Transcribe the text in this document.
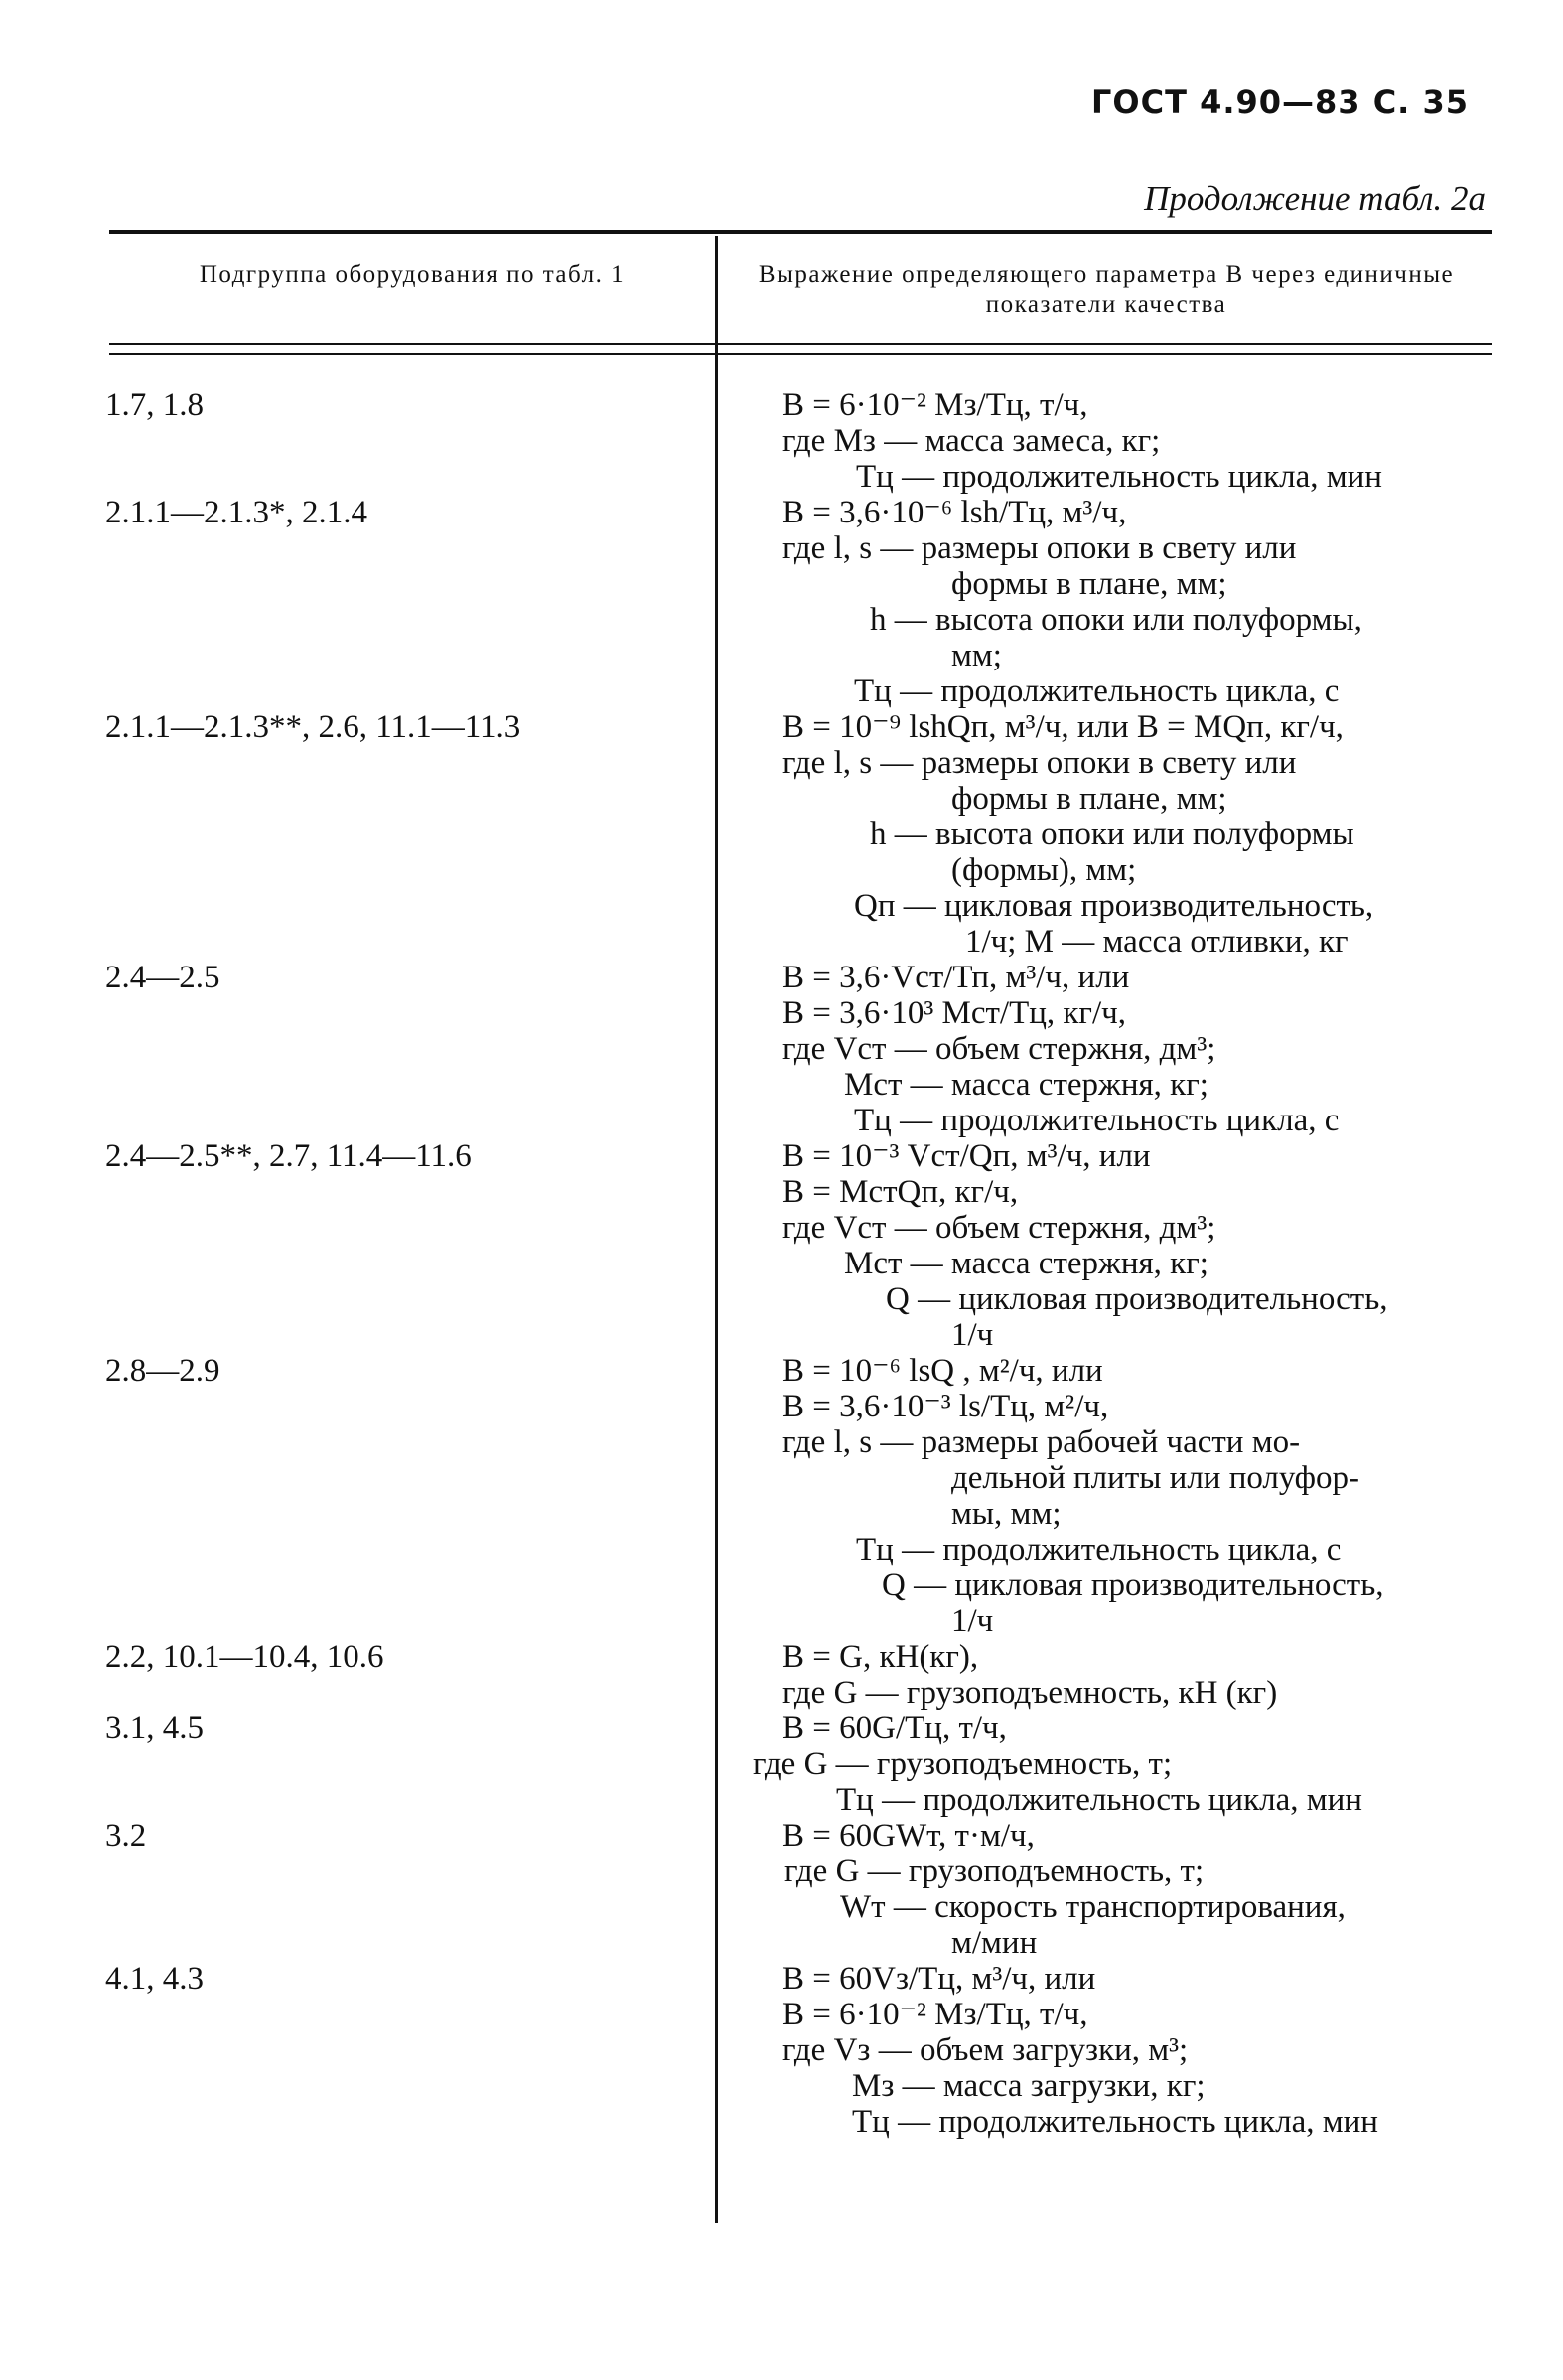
ГОСТ 4.90—83 С. 35
Продолжение табл. 2а
Подгруппа оборудования по табл. 1	Выражение определяющего параметра В через единичные показатели качества
1.7, 1.8	В = 6·10⁻² Мз/Тц, т/ч,
где Мз — масса замеса, кг;
Тц — продолжительность цикла, мин
2.1.1—2.1.3*, 2.1.4	В = 3,6·10⁻⁶ lsh/Тц, м³/ч,
где l, s — размеры опоки в свету или
формы в плане, мм;
h — высота опоки или полуформы,
мм;
Тц — продолжительность цикла, с
2.1.1—2.1.3**, 2.6, 11.1—11.3	В = 10⁻⁹ lshQп, м³/ч, или В = MQп, кг/ч,
где l, s — размеры опоки в свету или
формы в плане, мм;
h — высота опоки или полуформы
(формы), мм;
Qп — цикловая производительность,
1/ч; М — масса отливки, кг
2.4—2.5	В = 3,6·Vст/Тп, м³/ч, или
В = 3,6·10³ Мст/Тц, кг/ч,
где Vст — объем стержня, дм³;
Мст — масса стержня, кг;
Тц — продолжительность цикла, с
2.4—2.5**, 2.7, 11.4—11.6	В = 10⁻³ Vст/Qп, м³/ч, или
В = МстQп, кг/ч,
где Vст — объем стержня, дм³;
Мст — масса стержня, кг;
Q — цикловая производительность,
1/ч
2.8—2.9	В = 10⁻⁶ lsQ , м²/ч, или
В = 3,6·10⁻³ ls/Тц, м²/ч,
где l, s — размеры рабочей части мо-
дельной плиты или полуфор-
мы, мм;
Тц — продолжительность цикла, с
Q — цикловая производительность,
1/ч
2.2, 10.1—10.4, 10.6	В = G, кН(кг),
где G — грузоподъемность, кН (кг)
3.1, 4.5	В = 60G/Тц, т/ч,
где G — грузоподъемность, т;
Тц — продолжительность цикла, мин
3.2	В = 60GWт, т·м/ч,
где G — грузоподъемность, т;
Wт — скорость транспортирования,
м/мин
4.1, 4.3	В = 60Vз/Тц, м³/ч, или
В = 6·10⁻² Мз/Тц, т/ч,
где Vз — объем загрузки, м³;
Мз — масса загрузки, кг;
Тц — продолжительность цикла, мин
